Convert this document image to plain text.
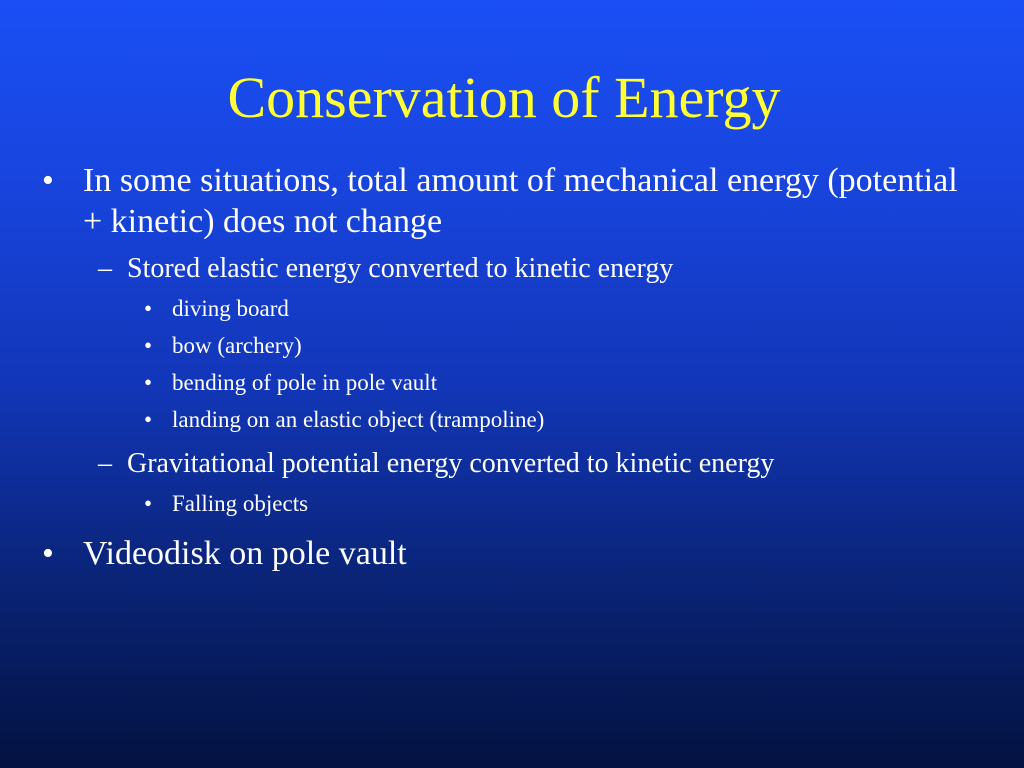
Conservation of Energy
• In some situations, total amount of mechanical energy (potential + kinetic) does not change
– Stored elastic energy converted to kinetic energy
• diving board
• bow (archery)
• bending of pole in pole vault
• landing on an elastic object (trampoline)
– Gravitational potential energy converted to kinetic energy
• Falling objects
• Videodisk on pole vault
